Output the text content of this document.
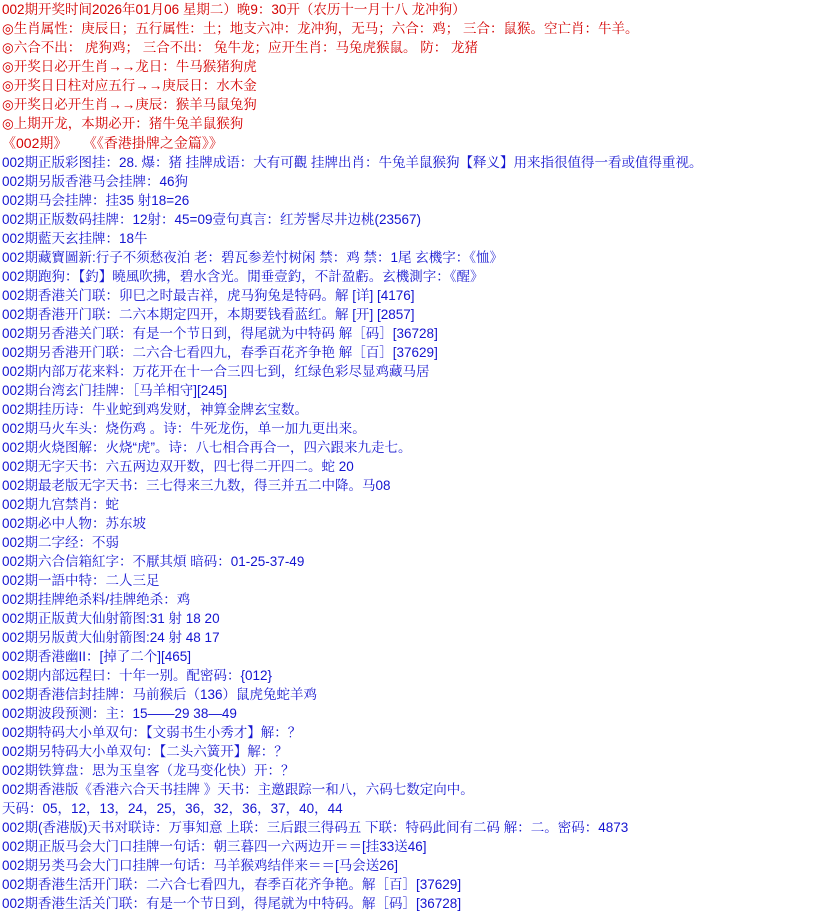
002期开奖时间2026年01月06 星期二）晚9：30开（农历十一月十八 龙冲狗）
◎生肖属性：庚辰日；五行属性：土；地支六冲：龙冲狗，无马；六合：鸡； 三合：鼠猴。空亡肖：牛羊。
◎六合不出： 虎狗鸡； 三合不出： 兔牛龙；应开生肖：马兔虎猴鼠。 防： 龙猪
◎开奖日必开生肖→→龙日：牛马猴猪狗虎
◎开奖日日柱对应五行→→庚辰日：水木金
◎开奖日必开生肖→→庚辰：猴羊马鼠兔狗
◎上期开龙，本期必开：猪牛兔羊鼠猴狗
《002期》 《《香港掛牌之金篇》》
002期正版彩图挂：28. 爆：猪 挂牌成语：大有可觀 挂牌出肖：牛兔羊鼠猴狗【释义】用来指很值得一看或值得重视。
002期另版香港马会挂牌：46狗
002期马会挂牌：挂35 射18=26
002期正版数码挂牌：12射：45=09壹句真言：红芳髺尽井边桃(23567)
002期藍天玄挂牌：18牛
002期藏寶圖新:行子不须愁夜泊 老：碧瓦参差忖树闲 禁：鸡 禁：1尾 玄機字：《恤》
002期跑狗：【釣】曉風吹拂，碧水含光。閒垂壹釣，不計盈虧。玄機測字：《醒》
002期香港关门联：卯巳之时最吉祥，虎马狗兔是特码。解 [详] [4176]
002期香港开门联：二六本期定四开，本期要钱看蓝红。解 [开] [2857]
002期另香港关门联：有是一个节日到，得尾就为中特码 解［码］[36728]
002期另香港开门联：二六合七看四九，春季百花齐争艳 解［百］[37629]
002期内部万花来料：万花开在十一合三四七到，红绿色彩尽显鸡藏马居
002期台湾玄门挂牌：［马羊相守][245]
002期挂历诗：牛业蛇到鸡发财，神算金牌玄宝数。
002期马火车头：烧伤鸡 。诗：牛死龙伤，单一加九更出来。
002期火烧图解：火烧“虎”。诗：八七相合再合一，四六跟来九走七。
002期无字天书：六五两边双开数，四七得二开四二。蛇 20
002期最老版无字天书：三七得来三九数，得三并五二中降。马08
002期九宫禁肖：蛇
002期必中人物：苏东坡
002期二字经：不弱
002期六合信箱紅字：不厭其煩 暗码：01-25-37-49
002期一語中特：二人三足
002期挂牌绝杀料/挂牌绝杀：鸡
002期正版黄大仙射箭图:31 射 18 20
002期另版黄大仙射箭图:24 射 48 17
002期香港幽II：[掉了二个][465]
002期内部远程曰：十年一别。配密码：{012}
002期香港信封挂牌：马前猴后（136）鼠虎兔蛇羊鸡
002期波段预测：主：15——29 38—49
002期特码大小单双句：【文弱书生小秀才】解：？
002期另特码大小单双句：【二头六簧开】解：？
002期铁算盘：思为玉皇客（龙马变化快）开：？
002期香港版《香港六合天书挂牌 》天书：主邀跟踪一和八，六码七数定向中。
天码：05，12，13，24，25，36，32，36，37，40，44
002期(香港版)天书对联诗：万事知意 上联：三后跟三得码五 下联：特码此间有二码 解：二。密码：4873
002期正版马会大门口挂牌一句话：朝三暮四一六两边开＝＝[挂33送46]
002期另类马会大门口挂牌一句话：马羊猴鸡结伴来＝＝[马会送26]
002期香港生活开门联：二六合七看四九，春季百花齐争艳。解［百］[37629]
002期香港生活关门联：有是一个节日到，得尾就为中特码。解［码］[36728]
